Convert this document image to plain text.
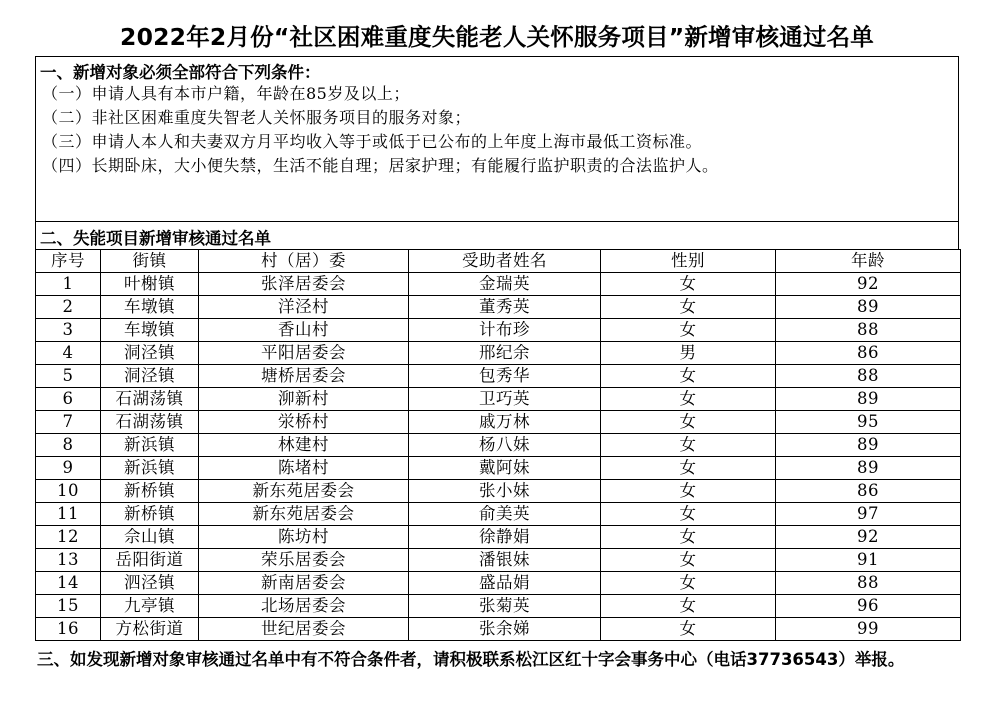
2022年2月份“社区困难重度失能老人关怀服务项目”新增审核通过名单
一、新增对象必须全部符合下列条件：
（一）申请人具有本市户籍，年龄在85岁及以上；
（二）非社区困难重度失智老人关怀服务项目的服务对象；
（三）申请人本人和夫妻双方月平均收入等于或低于已公布的上年度上海市最低工资标准。
（四）长期卧床，大小便失禁，生活不能自理；居家护理；有能履行监护职责的合法监护人。
二、失能项目新增审核通过名单
序号	街镇	村（居）委	受助者姓名	性别	年龄
1	叶榭镇	张泽居委会	金瑞英	女	92
2	车墩镇	洋泾村	董秀英	女	89
3	车墩镇	香山村	计布珍	女	88
4	洞泾镇	平阳居委会	邢纪余	男	86
5	洞泾镇	塘桥居委会	包秀华	女	88
6	石湖荡镇	泖新村	卫巧英	女	89
7	石湖荡镇	泶桥村	戚万林	女	95
8	新浜镇	林建村	杨八妹	女	89
9	新浜镇	陈堵村	戴阿妹	女	89
10	新桥镇	新东苑居委会	张小妹	女	86
11	新桥镇	新东苑居委会	俞美英	女	97
12	佘山镇	陈坊村	徐静娟	女	92
13	岳阳街道	荣乐居委会	潘银妹	女	91
14	泗泾镇	新南居委会	盛品娟	女	88
15	九亭镇	北场居委会	张菊英	女	96
16	方松街道	世纪居委会	张余娣	女	99
三、如发现新增对象审核通过名单中有不符合条件者，请积极联系松江区红十字会事务中心（电话37736543）举报。
